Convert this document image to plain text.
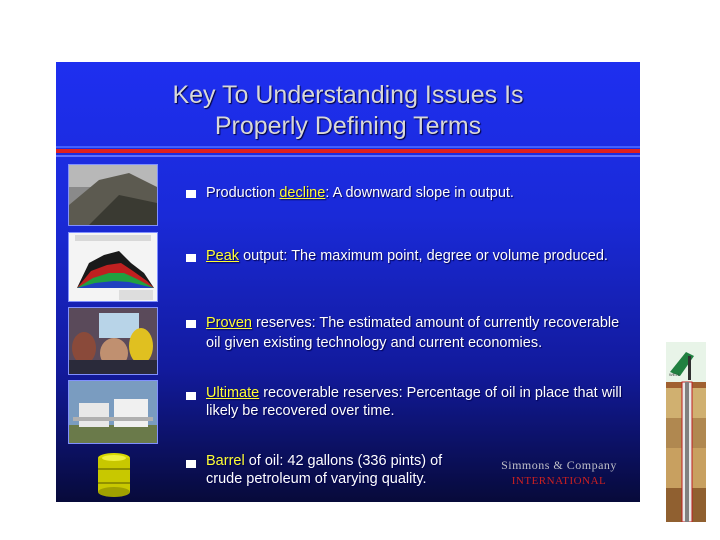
Key To Understanding Issues Is
Properly Defining Terms
Production decline: A downward slope in output.
Peak output: The maximum point, degree or volume produced.
Proven reserves: The estimated amount of currently recoverable oil given existing technology and current economies.
Ultimate recoverable reserves: Percentage of oil in place that will likely be recovered over time.
Barrel of oil: 42 gallons (336 pints) of crude petroleum of varying quality.
Simmons & Company
INTERNATIONAL
WELL
